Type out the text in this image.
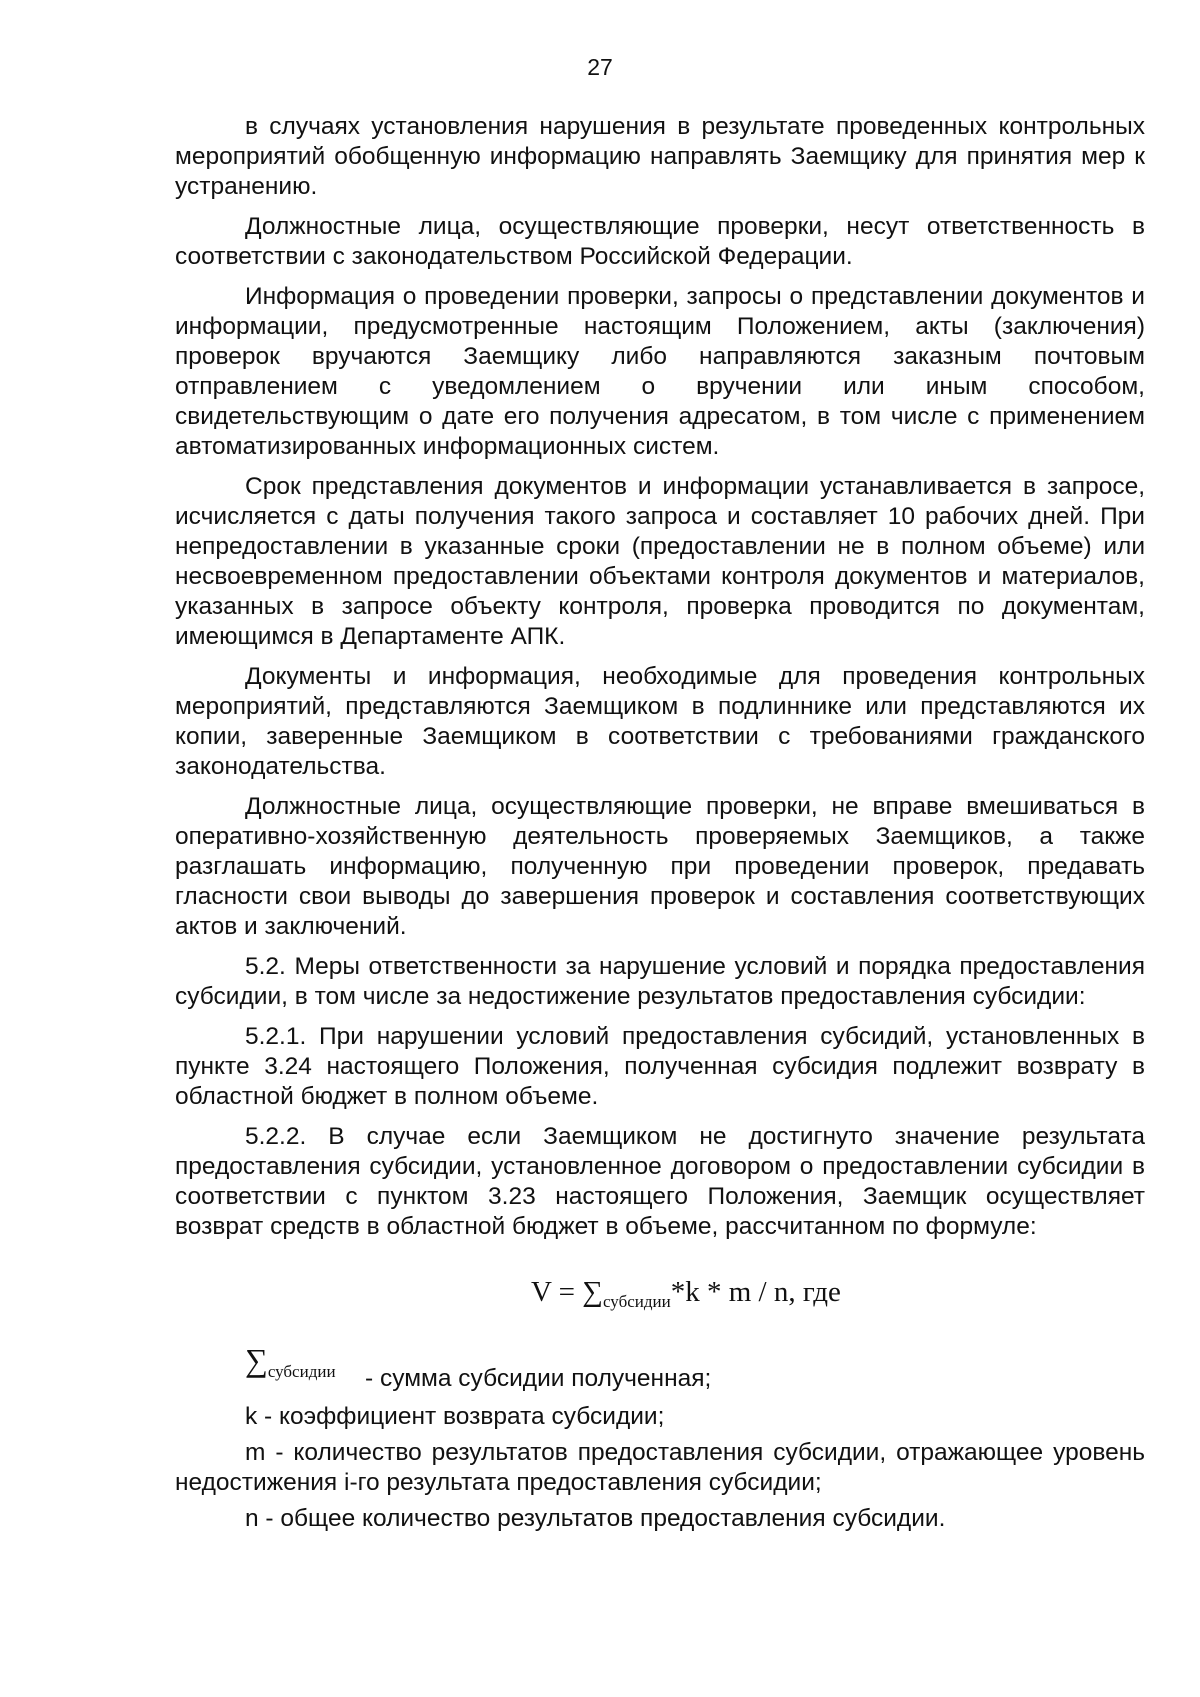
27

в случаях установления нарушения в результате проведенных контрольных мероприятий обобщенную информацию направлять Заемщику для принятия мер к устранению.

Должностные лица, осуществляющие проверки, несут ответственность в соответствии с законодательством Российской Федерации.

Информация о проведении проверки, запросы о представлении документов и информации, предусмотренные настоящим Положением, акты (заключения) проверок вручаются Заемщику либо направляются заказным почтовым отправлением с уведомлением о вручении или иным способом, свидетельствующим о дате его получения адресатом, в том числе с применением автоматизированных информационных систем.

Срок представления документов и информации устанавливается в запросе, исчисляется с даты получения такого запроса и составляет 10 рабочих дней. При непредоставлении в указанные сроки (предоставлении не в полном объеме) или несвоевременном предоставлении объектами контроля документов и материалов, указанных в запросе объекту контроля, проверка проводится по документам, имеющимся в Департаменте АПК.

Документы и информация, необходимые для проведения контрольных мероприятий, представляются Заемщиком в подлиннике или представляются их копии, заверенные Заемщиком в соответствии с требованиями гражданского законодательства.

Должностные лица, осуществляющие проверки, не вправе вмешиваться в оперативно-хозяйственную деятельность проверяемых Заемщиков, а также разглашать информацию, полученную при проведении проверок, предавать гласности свои выводы до завершения проверок и составления соответствующих актов и заключений.

5.2. Меры ответственности за нарушение условий и порядка предоставления субсидии, в том числе за недостижение результатов предоставления субсидии:

5.2.1. При нарушении условий предоставления субсидий, установленных в пункте 3.24 настоящего Положения, полученная субсидия подлежит возврату в областной бюджет в полном объеме.

5.2.2. В случае если Заемщиком не достигнуто значение результата предоставления субсидии, установленное договором о предоставлении субсидии в соответствии с пунктом 3.23 настоящего Положения, Заемщик осуществляет возврат средств в областной бюджет в объеме, рассчитанном по формуле:

$V = \sum_{субсидии}*k * m / n$, где
∑субсидии - сумма субсидии полученная;

k - коэффициент возврата субсидии;

m - количество результатов предоставления субсидии, отражающее уровень недостижения i-го результата предоставления субсидии;

n - общее количество результатов предоставления субсидии.
